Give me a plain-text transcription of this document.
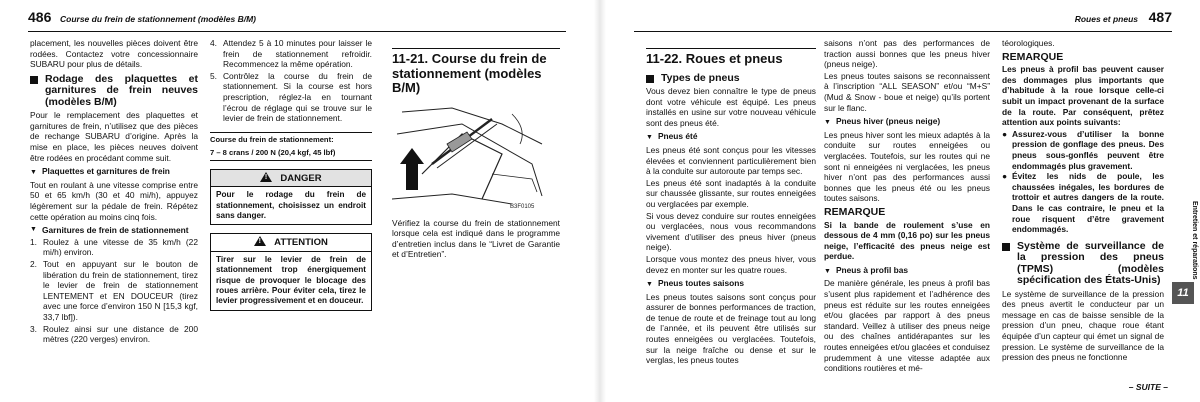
486 Course du frein de stationnement (modèles B/M)

placement, les nouvelles pièces doivent être rodées. Contactez votre concessionnaire SUBARU pour plus de détails.

Rodage des plaquettes et garnitures de frein neuves (modèles B/M)

Pour le remplacement des plaquettes et garnitures de frein, n’utilisez que des pièces de rechange SUBARU d’origine. Après la mise en place, les pièces neuves doivent être rodées en procédant comme suit.

▼ Plaquettes et garnitures de frein

Tout en roulant à une vitesse comprise entre 50 et 65 km/h (30 et 40 mi/h), appuyez légèrement sur la pédale de frein. Répétez cette opération au moins cinq fois.

▼ Garnitures de frein de stationnement
1. Roulez à une vitesse de 35 km/h (22 mi/h) environ.
2. Tout en appuyant sur le bouton de libération du frein de stationnement, tirez le levier de frein de stationnement LENTEMENT et EN DOUCEUR (tirez avec une force d’environ 150 N [15,3 kgf, 33,7 lbf]).
3. Roulez ainsi sur une distance de 200 mètres (220 verges) environ.
4. Attendez 5 à 10 minutes pour laisser le frein de stationnement refroidir. Recommencez la même opération.
5. Contrôlez la course du frein de stationnement. Si la course est hors prescription, réglez-la en tournant l’écrou de réglage qui se trouve sur le levier de frein de stationnement.
Course du frein de stationnement:
7 – 8 crans / 200 N (20,4 kgf, 45 lbf)
!DANGER
Pour le rodage du frein de stationnement, choisissez un endroit sans danger.
!ATTENTION
Tirer sur le levier de frein de stationnement trop énergiquement risque de provoquer le blocage des roues arrière. Pour éviter cela, tirez le levier progressivement et en douceur.
11-21. Course du frein de stationnement (modèles B/M)
B3F0105

Vérifiez la course du frein de stationnement lorsque cela est indiqué dans le programme d’entretien inclus dans le “Livret de Garantie et d’Entretien”.

Roues et pneus 487
11-22. Roues et pneus
Types de pneus

Vous devez bien connaître le type de pneus dont votre véhicule est équipé. Les pneus installés en usine sur votre nouveau véhicule sont des pneus été.

▼ Pneus été

Les pneus été sont conçus pour les vitesses élevées et conviennent particulièrement bien à la conduite sur autoroute par temps sec.

Les pneus été sont inadaptés à la conduite sur chaussée glissante, sur routes enneigées ou verglacées par exemple.

Si vous devez conduire sur routes enneigées ou verglacées, nous vous recommandons vivement d’utiliser des pneus hiver (pneus neige).

Lorsque vous montez des pneus hiver, vous devez en monter sur les quatre roues.

▼ Pneus toutes saisons

Les pneus toutes saisons sont conçus pour assurer de bonnes performances de traction, de tenue de route et de freinage tout au long de l’année, et ils peuvent être utilisés sur routes enneigées ou verglacées. Toutefois, sur la neige fraîche ou dense et sur le verglas, les pneus toutes

saisons n’ont pas des performances de traction aussi bonnes que les pneus hiver (pneus neige).

Les pneus toutes saisons se reconnaissent à l’inscription “ALL SEASON” et/ou “M+S” (Mud & Snow - boue et neige) qu’ils portent sur le flanc.

▼ Pneus hiver (pneus neige)

Les pneus hiver sont les mieux adaptés à la conduite sur routes enneigées ou verglacées. Toutefois, sur les routes qui ne sont ni enneigées ni verglacées, les pneus hiver n’ont pas des performances aussi bonnes que les pneus été ou les pneus toutes saisons.

REMARQUE

Si la bande de roulement s’use en dessous de 4 mm (0,16 po) sur les pneus neige, l’efficacité des pneus neige est perdue.

▼ Pneus à profil bas

De manière générale, les pneus à profil bas s’usent plus rapidement et l’adhérence des pneus est réduite sur les routes enneigées et/ou glacées par rapport à des pneus standard. Veillez à utiliser des pneus neige ou des chaînes antidérapantes sur les routes enneigées et/ou glacées et conduisez prudemment à une vitesse adaptée aux conditions routières et mé-

téorologiques.

REMARQUE

Les pneus à profil bas peuvent causer des dommages plus importants que d’habitude à la roue lorsque celle-ci subit un impact provenant de la surface de la route. Par conséquent, prêtez attention aux points suivants:

● Assurez-vous d’utiliser la bonne pression de gonflage des pneus. Des pneus sous-gonflés peuvent être endommagés plus gravement.
● Évitez les nids de poule, les chaussées inégales, les bordures de trottoir et autres dangers de la route. Dans le cas contraire, le pneu et la roue risquent d’être gravement endommagés.
Système de surveillance de la pression des pneus (TPMS) (modèles spécification des États-Unis)

Le système de surveillance de la pression des pneus avertit le conducteur par un message en cas de baisse sensible de la pression d’un pneu, chaque roue étant équipée d’un capteur qui émet un signal de pression. Le système de surveillance de la pression des pneus ne fonctionne

Entretien et réparations
11
– SUITE –
